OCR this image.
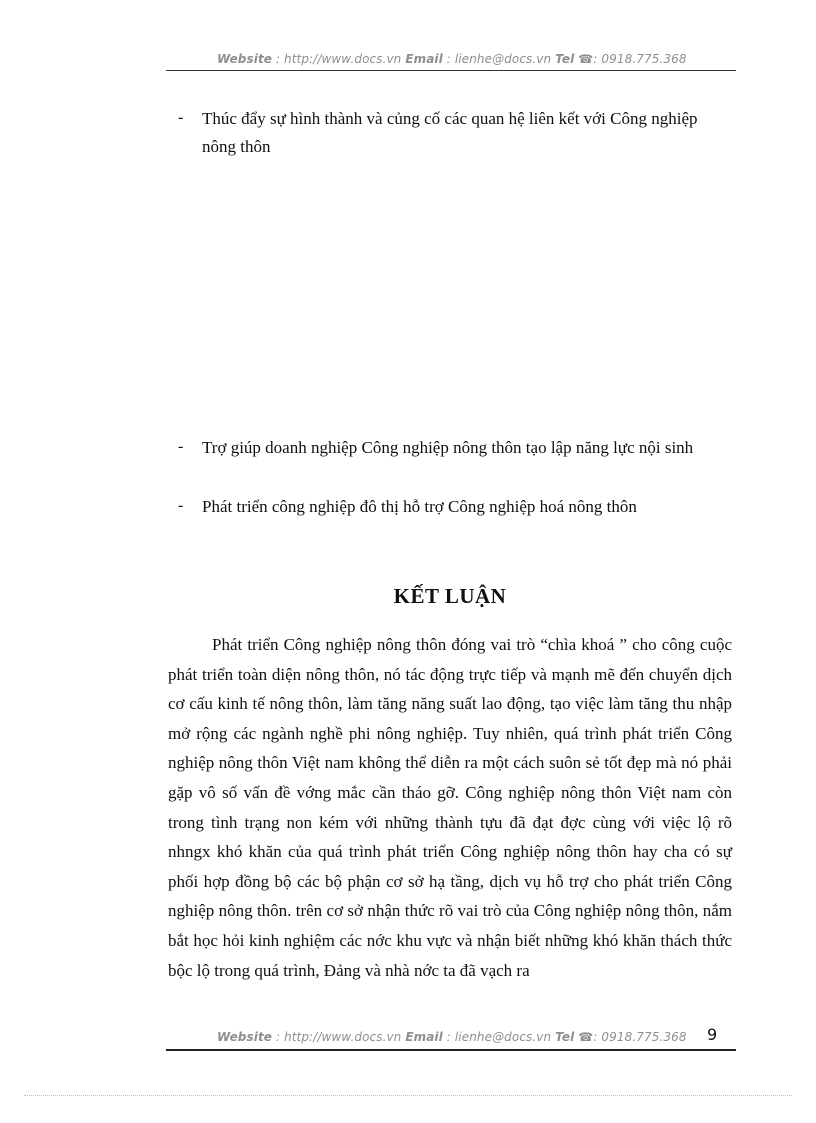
Website : http://www.docs.vn Email : lienhe@docs.vn Tel ☎: 0918.775.368
- Thúc đẩy sự hình thành và củng cố các quan hệ liên kết với Công nghiệp nông thôn
- Trợ giúp doanh nghiệp Công nghiệp nông thôn tạo lập năng lực nội sinh
- Phát triển công nghiệp đô thị hỗ trợ Công nghiệp hoá nông thôn
KẾT LUẬN
Phát triển Công nghiệp nông thôn đóng vai trò “chìa khoá ” cho công cuộc phát triển toàn diện nông thôn, nó tác động trực tiếp và mạnh mẽ đến chuyển dịch cơ cấu kinh tế nông thôn, làm tăng năng suất lao động, tạo việc làm tăng thu nhập mở rộng các ngành nghề phi nông nghiệp. Tuy nhiên, quá trình phát triển Công nghiệp nông thôn Việt nam không thể diễn ra một cách suôn sẻ tốt đẹp mà nó phải gặp vô số vấn đề vớng mắc cần tháo gỡ. Công nghiệp nông thôn Việt nam còn trong tình trạng non kém với những thành tựu đã đạt đợc cùng với việc lộ rõ nhngx khó khăn của quá trình phát triển Công nghiệp nông thôn hay cha có sự phối hợp đồng bộ các bộ phận cơ sở hạ tầng, dịch vụ hỗ trợ cho phát triển Công nghiệp nông thôn. trên cơ sở nhận thức rõ vai trò của Công nghiệp nông thôn, nắm bắt học hỏi kinh nghiệm các nớc khu vực và nhận biết những khó khăn thách thức bộc lộ trong quá trình, Đảng và nhà nớc ta đã vạch ra
Website : http://www.docs.vn Email : lienhe@docs.vn Tel ☎: 0918.775.368 9
